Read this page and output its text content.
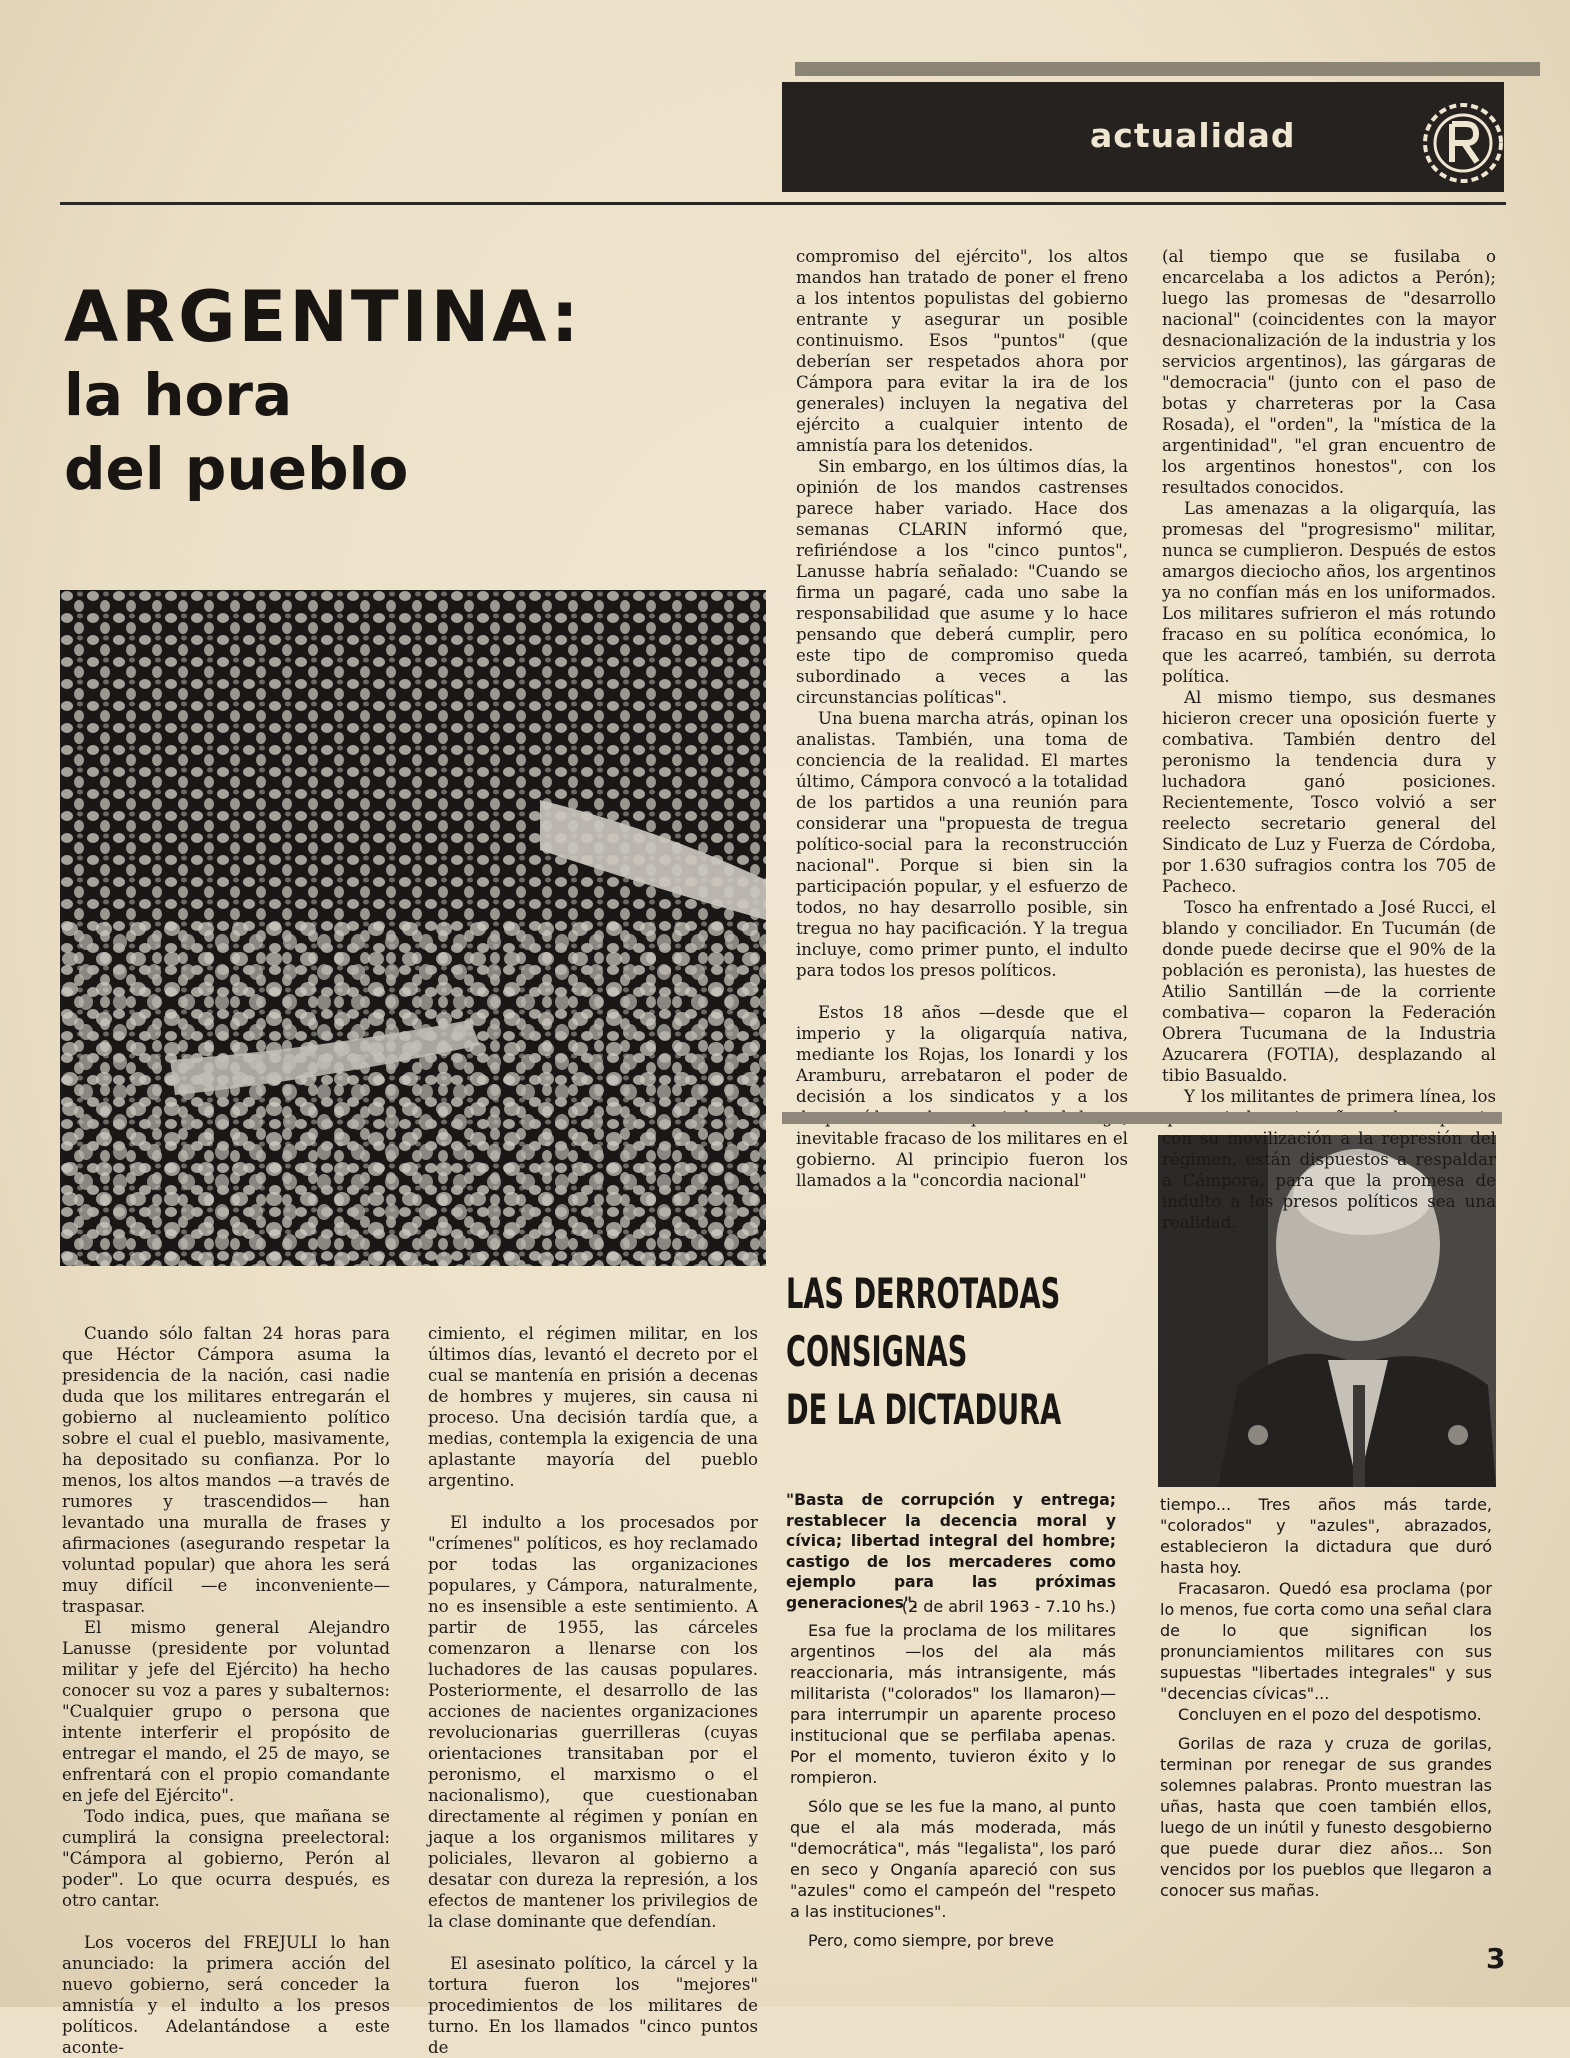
actualidad
ARGENTINA:
la hora
del pueblo

compromiso del ejército", los altos mandos han tratado de poner el freno a los intentos populistas del gobierno entrante y asegurar un posible continuismo. Esos "puntos" (que deberían ser respetados ahora por Cámpora para evitar la ira de los generales) incluyen la negativa del ejército a cualquier intento de amnistía para los detenidos.

Sin embargo, en los últimos días, la opinión de los mandos castrenses parece haber variado. Hace dos semanas CLARIN informó que, refiriéndose a los "cinco puntos", Lanusse habría señalado: "Cuando se firma un pagaré, cada uno sabe la responsabilidad que asume y lo hace pensando que deberá cumplir, pero este tipo de compromiso queda subordinado a veces a las circunstancias políticas".

Una buena marcha atrás, opinan los analistas. También, una toma de conciencia de la realidad. El martes último, Cámpora convocó a la totalidad de los partidos a una reunión para considerar una "propuesta de tregua político-social para la reconstrucción nacional". Porque si bien sin la participación popular, y el esfuerzo de todos, no hay desarrollo posible, sin tregua no hay pacificación. Y la tregua incluye, como primer punto, el indulto para todos los presos políticos.

Estos 18 años —desde que el imperio y la oligarquía nativa, mediante los Rojas, los Ionardi y los Aramburu, arrebataron el poder de decisión a los sindicatos y a los inevitable fracaso de los militares en el gobierno. Al principio fueron los llamados a la "concordia nacional"

(al tiempo que se fusilaba o encarcelaba a los adictos a Perón); luego las promesas de "desarrollo nacional" (coincidentes con la mayor desnacionalización de la industria y los servicios argentinos), las gárgaras de "democracia" (junto con el paso de botas y charreteras por la Casa Rosada), el "orden", la "mística de la argentinidad", "el gran encuentro de los argentinos honestos", con los resultados conocidos.

Las amenazas a la oligarquía, las promesas del "progresismo" militar, nunca se cumplieron. Después de estos amargos dieciocho años, los argentinos ya no confían más en los uniformados. Los militares sufrieron el más rotundo fracaso en su política económica, lo que les acarreó, también, su derrota política.

Al mismo tiempo, sus desmanes hicieron crecer una oposición fuerte y combativa. También dentro del peronismo la tendencia dura y luchadora ganó posiciones. Recientemente, Tosco volvió a ser reelecto secretario general del Sindicato de Luz y Fuerza de Córdoba, por 1.630 sufragios contra los 705 de Pacheco.

Tosco ha enfrentado a José Rucci, el blando y conciliador. En Tucumán (de donde puede decirse que el 90% de la población es peronista), las huestes de Atilio Santillán —de la corriente combativa— coparon la Federación Obrera Tucumana de la Industria Azucarera (FOTIA), desplazando al tibio Basualdo.

Y los militantes de primera línea, los con su movilización a la represión del régimen, están dispuestos a respaldar a Cámpora, para que la promesa de indulto a los presos políticos sea una realidad.

Cuando sólo faltan 24 horas para que Héctor Cámpora asuma la presidencia de la nación, casi nadie duda que los militares entregarán el gobierno al nucleamiento político sobre el cual el pueblo, masivamente, ha depositado su confianza. Por lo menos, los altos mandos —a través de rumores y trascendidos— han levantado una muralla de frases y afirmaciones (asegurando respetar la voluntad popular) que ahora les será muy difícil —e inconveniente— traspasar.

El mismo general Alejandro Lanusse (presidente por voluntad militar y jefe del Ejército) ha hecho conocer su voz a pares y subalternos: "Cualquier grupo o persona que intente interferir el propósito de entregar el mando, el 25 de mayo, se enfrentará con el propio comandante en jefe del Ejército".

Todo indica, pues, que mañana se cumplirá la consigna preelectoral: "Cámpora al gobierno, Perón al poder". Lo que ocurra después, es otro cantar.

Los voceros del FREJULI lo han anunciado: la primera acción del nuevo gobierno, será conceder la amnistía y el indulto a los presos políticos. Adelantándose a este aconte-

cimiento, el régimen militar, en los últimos días, levantó el decreto por el cual se mantenía en prisión a decenas de hombres y mujeres, sin causa ni proceso. Una decisión tardía que, a medias, contempla la exigencia de una aplastante mayoría del pueblo argentino.

El indulto a los procesados por "crímenes" políticos, es hoy reclamado por todas las organizaciones populares, y Cámpora, naturalmente, no es insensible a este sentimiento. A partir de 1955, las cárceles comenzaron a llenarse con los luchadores de las causas populares. Posteriormente, el desarrollo de las acciones de nacientes organizaciones revolucionarias guerrilleras (cuyas orientaciones transitaban por el peronismo, el marxismo o el nacionalismo), que cuestionaban directamente al régimen y ponían en jaque a los organismos militares y policiales, llevaron al gobierno a desatar con dureza la represión, a los efectos de mantener los privilegios de la clase dominante que defendían.

El asesinato político, la cárcel y la tortura fueron los "mejores" procedimientos de los militares de turno. En los llamados "cinco puntos de

LAS DERROTADAS
CONSIGNAS
DE LA DICTADURA
"Basta de corrupción y entrega; restablecer la decencia moral y cívica; libertad integral del hombre; castigo de los mercaderes como ejemplo para las próximas generaciones".
(2 de abril 1963 - 7.10 hs.)

Esa fue la proclama de los militares argentinos —los del ala más reaccionaria, más intransigente, más militarista ("colorados" los llamaron)— para interrumpir un aparente proceso institucional que se perfilaba apenas. Por el momento, tuvieron éxito y lo rompieron.

Sólo que se les fue la mano, al punto que el ala más moderada, más "democrática", más "legalista", los paró en seco y Onganía apareció con sus "azules" como el campeón del "respeto a las instituciones".

Pero, como siempre, por breve

tiempo... Tres años más tarde, "colorados" y "azules", abrazados, establecieron la dictadura que duró hasta hoy.

Fracasaron. Quedó esa proclama (por lo menos, fue corta como una señal clara de lo que significan los pronunciamientos militares con sus supuestas "libertades integrales" y sus "decencias cívicas"...

Concluyen en el pozo del despotismo.

Gorilas de raza y cruza de gorilas, terminan por renegar de sus grandes solemnes palabras. Pronto muestran las uñas, hasta que coen también ellos, luego de un inútil y funesto desgobierno que puede durar diez años... Son vencidos por los pueblos que llegaron a conocer sus mañas.

3
